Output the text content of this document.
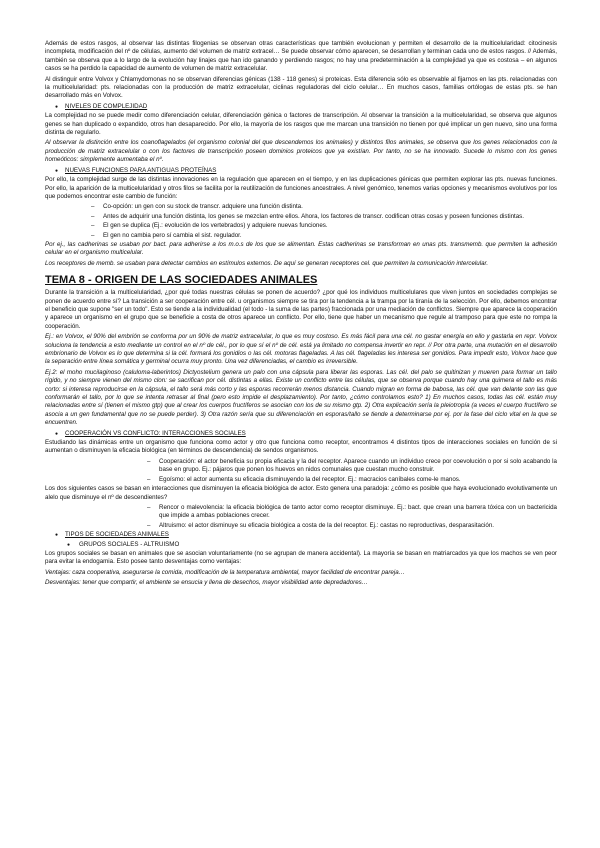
Además de estos rasgos, al observar las distintas filogenias se observan otras características que también evolucionan y permiten el desarrollo de la multicelularidad: citocinesis incompleta, modificación del nº de células, aumento del volumen de matriz extracel… Se puede observar cómo aparecen, se desarrollan y terminan cada uno de estos rasgos. // Además, también se observa que a lo largo de la evolución hay linajes que han ido ganando y perdiendo rasgos; no hay una predeterminación a la complejidad ya que es costosa – en algunos casos se ha perdido la capacidad de aumento de volumen de matriz extracelular.

Al distinguir entre Volvox y Chlamydomonas no se observan diferencias génicas (138 - 118 genes) si proteicas. Esta diferencia sólo es observable al fijarnos en las pts. relacionadas con la multicelularidad: pts. relacionadas con la producción de matriz extracelular, ciclinas reguladoras del ciclo celular… En muchos casos, familias ortólogas de estas pts. se han desarrollado más en Volvox.

● NIVELES DE COMPLEJIDAD

La complejidad no se puede medir como diferenciación celular, diferenciación génica o factores de transcripción. Al observar la transición a la multicelularidad, se observa que algunos genes se han duplicado o expandido, otros han desaparecido. Por ello, la mayoría de los rasgos que me marcan una transición no tienen por qué implicar un gen nuevo, sino una forma distinta de regularlo.

Al observar la distinción entre los coanoflagelados (el organismo colonial del que descendemos los animales) y distintos filos animales, se observa que los genes relacionados con la producción de matriz extracelular o con los factores de transcripción poseen dominios proteicos que ya existían. Por tanto, no se ha innovado. Sucede lo mismo con los genes homeóticos: simplemente aumentaba el nº.

● NUEVAS FUNCIONES PARA ANTIGUAS PROTEÍNAS

Por ello, la complejidad surge de las distintas innovaciones en la regulación que aparecen en el tiempo, y en las duplicaciones génicas que permiten explorar las pts. nuevas funciones. Por ello, la aparición de la multicelularidad y otros filos se facilita por la reutilización de funciones ancestrales. A nivel genómico, tenemos varias opciones y mecanismos evolutivos por los que podemos encontrar este cambio de función:

– Co-opción: un gen con su stock de transcr. adquiere una función distinta.
– Antes de adquirir una función distinta, los genes se mezclan entre ellos. Ahora, los factores de transcr. codifican otras cosas y poseen funciones distintas.
– El gen se duplica (Ej.: evolución de los vertebrados) y adquiere nuevas funciones.
– El gen no cambia pero sí cambia el sist. regulador.

Por ej., las cadherinas se usaban por bact. para adherirse a los m.o.s de los que se alimentan. Estas cadherinas se transforman en unas pts. transmemb. que permiten la adhesión celular en el organismo multicelular.

Los receptores de memb. se usaban para detectar cambios en estímulos externos. De aquí se generan receptores cel. que permiten la comunicación intercelular.

TEMA 8 - ORIGEN DE LAS SOCIEDADES ANIMALES

Durante la transición a la multicelularidad, ¿por qué todas nuestras células se ponen de acuerdo? ¿por qué los individuos multicelulares que viven juntos en sociedades complejas se ponen de acuerdo entre sí? La transición a ser cooperación entre cél. u organismos siempre se tira por la tendencia a la trampa por la tiranía de la selección. Por ello, debemos encontrar el beneficio que supone "ser un todo". Esto se tiende a la individualidad (el todo - la suma de las partes) fraccionada por una mediación de conflictos. Siempre que aparece la cooperación y aparece un organismo en el grupo que se beneficie a costa de otros aparece un conflicto. Por ello, tiene que haber un mecanismo que regule al tramposo para que este no rompa la cooperación.

Ej.: en Volvox, el 90% del embrión se conforma por un 90% de matriz extracelular, lo que es muy costoso. Es más fácil para una cél. no gastar energía en ello y gastarla en repr. Volvox soluciona la tendencia a esto mediante un control en el nº de cél., por lo que sí el nº de cél. está ya limitado no compensa invertir en repr. // Por otra parte, una mutación en el desarrollo embrionario de Volvox es lo que determina si la cél. formará los gonidios o las cél. motoras flageladas. A las cél. flageladas les interesa ser gonidios. Para impedir esto, Volvox hace que la separación entre línea somática y germinal ocurra muy pronto. Una vez diferenciadas, el cambio es irreversible.

Ej.2: el moho mucilaginoso (caluloma-laberintos) Dictyostelium genera un palo con una cápsula para liberar las esporas. Las cél. del palo se quitinizan y mueren para formar un tallo rígido, y no siempre vienen del mismo clon: se sacrifican por cél. distintas a ellas. Existe un conflicto entre las células, que se observa porque cuando hay una quimera el tallo es más corto: si interesa reproducirse en la cápsula, el tallo será más corto y las esporas recorrerán menos distancia. Cuando migran en forma de babosa, las cél. que van delante son las que conformarán el tallo, por lo que se intenta retrasar al final (pero esto impide el desplazamiento). Por tanto, ¿cómo controlamos esto? 1) En muchos casos, todas las cél. están muy relacionadas entre sí (tienen el mismo gtp) que al crear los cuerpos fructíferos se asocian con los de su mismo gtp. 2) Otra explicación sería la pleiotropía (a veces el cuerpo fructífero se asocia a un gen fundamental que no se puede perder). 3) Otra razón sería que su diferenciación en esporas/tallo se tiende a determinarse por ej. por la fase del ciclo vital en la que se encuentren.

● COOPERACIÓN VS CONFLICTO: INTERACCIONES SOCIALES

Estudiando las dinámicas entre un organismo que funciona como actor y otro que funciona como receptor, encontramos 4 distintos tipos de interacciones sociales en función de si aumentan o disminuyen la eficacia biológica (en términos de descendencia) de sendos organismos.

– Cooperación: el actor beneficia su propia eficacia y la del receptor. Aparece cuando un individuo crece por coevolución o por si solo acabando la base en grupo. Ej.: pájaros que ponen los huevos en nidos comunales que cuestan mucho construir.
– Egoísmo: el actor aumenta su eficacia disminuyendo la del receptor. Ej.: macracios caníbales come-le manos.

Los dos siguientes casos se basan en interacciones que disminuyen la eficacia biológica de actor. Esto genera una paradoja: ¿cómo es posible que haya evolucionado evolutivamente un alelo que disminuye el nº de descendientes?

– Rencor o malevolencia: la eficacia biológica de tanto actor como receptor disminuye. Ej.: bact. que crean una barrera tóxica con un bactericida que impide a ambas poblaciones crecer.
– Altruismo: el actor disminuye su eficacia biológica a costa de la del receptor. Ej.: castas no reproductivas, desparasitación.
● TIPOS DE SOCIEDADES ANIMALES
● GRUPOS SOCIALES - ALTRUISMO

Los grupos sociales se basan en animales que se asocian voluntariamente (no se agrupan de manera accidental). La mayoría se basan en matriarcados ya que los machos se ven peor para evitar la endogamia. Esto posee tanto desventajas como ventajas:

Ventajas: caza cooperativa, asegurarse la comida, modificación de la temperatura ambiental, mayor facilidad de encontrar pareja…

Desventajas: tener que compartir, el ambiente se ensucia y llena de desechos, mayor visibilidad ante depredadores…
